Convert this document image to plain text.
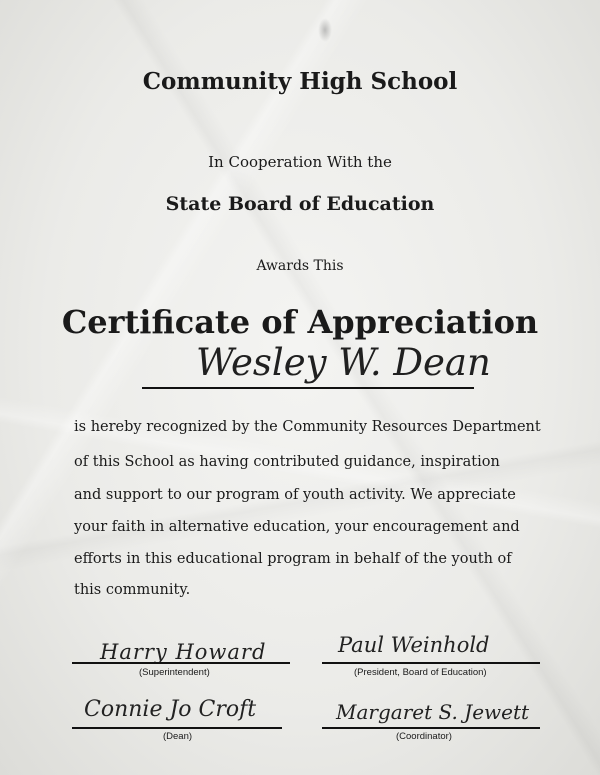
Community High School
In Cooperation With the
State Board of Education
Awards This
Certificate of Appreciation
Wesley W. Dean
is hereby recognized by the Community Resources Department
of this School as having contributed guidance, inspiration
and support to our program of youth activity. We appreciate
your faith in alternative education, your encouragement and
efforts in this educational program in behalf of the youth of
this community.
Harry Howard
(Superintendent)
Paul Weinhold
(President, Board of Education)
Connie Jo Croft
(Dean)
Margaret S. Jewett
(Coordinator)
